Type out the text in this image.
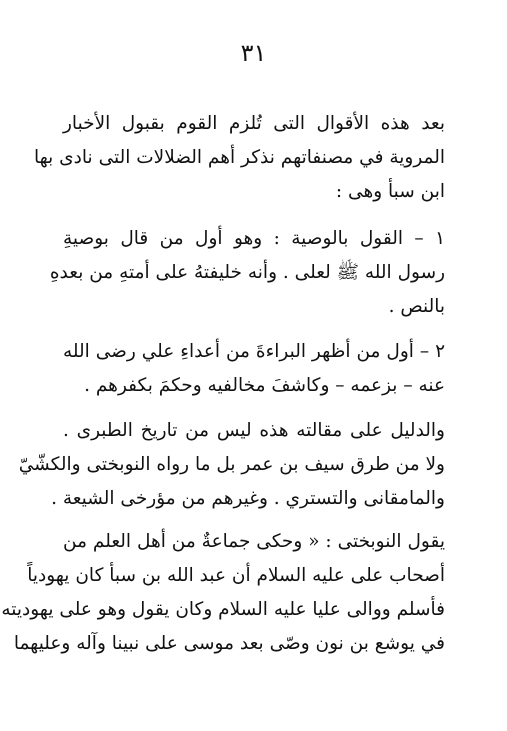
٣١
بعد هذه الأقوال التى تُلزم القوم بقبول الأخبار
المروية في مصنفاتهم نذكر أهم الضلالات التى نادى بها
ابن سبأ وهى :
١ – القول بالوصية : وهو أول من قال بوصيةِ
رسول الله ﷺ لعلى . وأنه خليفتهُ على أمتهِ من بعدهِ
بالنص .
٢ – أول من أظهر البراءةَ من أعداءِ علي رضى الله
عنه – بزعمه – وكاشفَ مخالفيه وحكمَ بكفرهم .
والدليل على مقالته هذه ليس من تاريخ الطبرى .
ولا من طرق سيف بن عمر بل ما رواه النوبختى والكشّيّ
والمامقانى والتستري . وغيرهم من مؤرخى الشيعة .
يقول النوبختى : « وحكى جماعةٌ من أهل العلم من
أصحاب على عليه السلام أن عبد الله بن سبأ كان يهودياً
فأسلم ووالى عليا عليه السلام وكان يقول وهو على يهوديته
في يوشع بن نون وصّى بعد موسى على نبينا وآله وعليهما
